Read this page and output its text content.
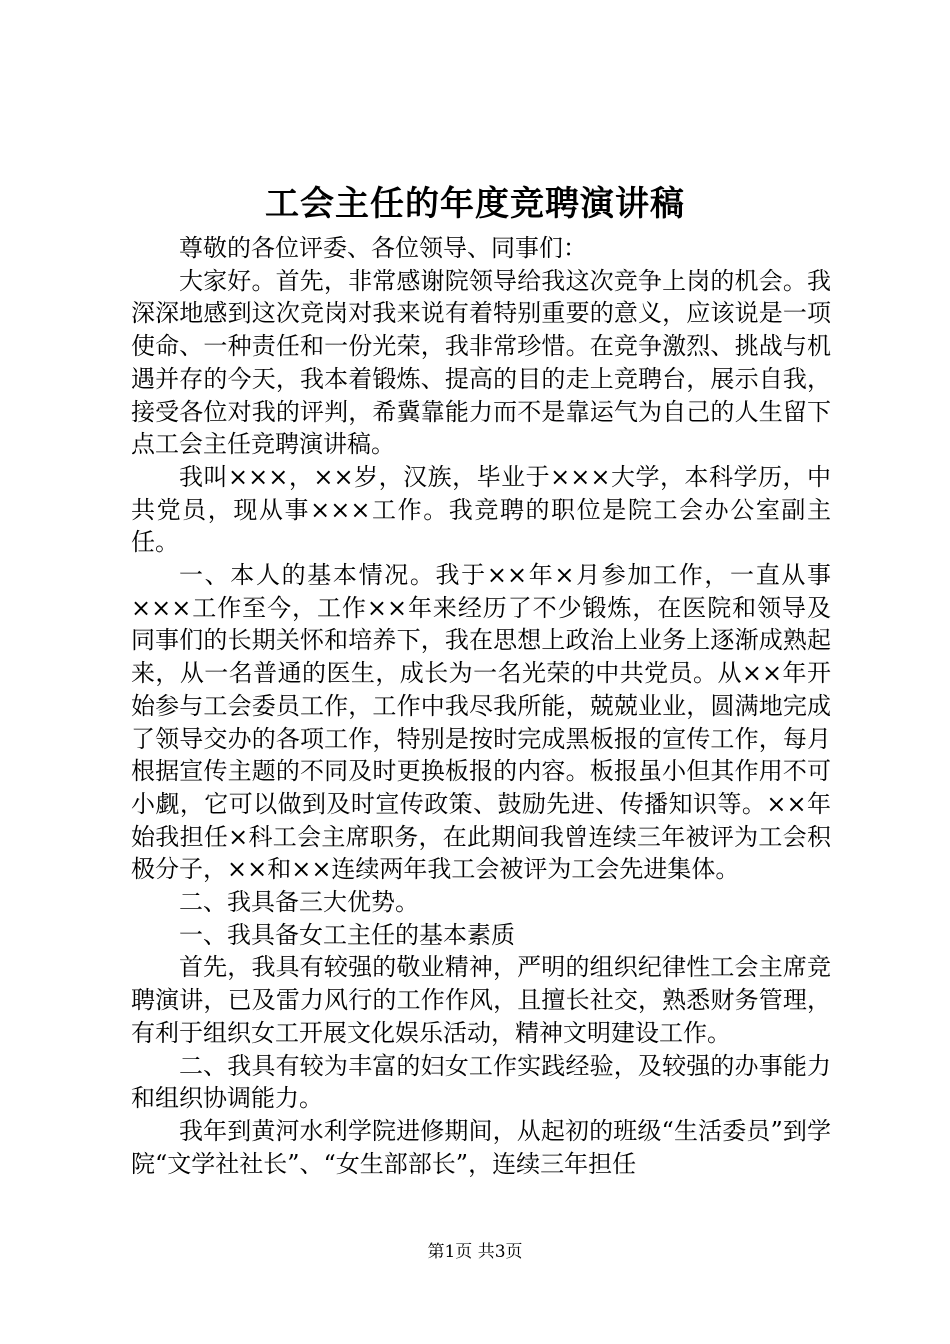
工会主任的年度竞聘演讲稿

尊敬的各位评委、各位领导、同事们：

大家好。首先，非常感谢院领导给我这次竞争上岗的机会。我深深地感到这次竞岗对我来说有着特别重要的意义，应该说是一项使命、一种责任和一份光荣，我非常珍惜。在竞争激烈、挑战与机遇并存的今天，我本着锻炼、提高的目的走上竞聘台，展示自我，接受各位对我的评判，希冀靠能力而不是靠运气为自己的人生留下点工会主任竞聘演讲稿。

我叫×××，××岁，汉族，毕业于×××大学，本科学历，中共党员，现从事×××工作。我竞聘的职位是院工会办公室副主任。

一、本人的基本情况。我于××年×月参加工作，一直从事×××工作至今，工作××年来经历了不少锻炼，在医院和领导及同事们的长期关怀和培养下，我在思想上政治上业务上逐渐成熟起来，从一名普通的医生，成长为一名光荣的中共党员。从××年开始参与工会委员工作，工作中我尽我所能，兢兢业业，圆满地完成了领导交办的各项工作，特别是按时完成黑板报的宣传工作，每月根据宣传主题的不同及时更换板报的内容。板报虽小但其作用不可小觑，它可以做到及时宣传政策、鼓励先进、传播知识等。××年始我担任×科工会主席职务，在此期间我曾连续三年被评为工会积极分子，××和××连续两年我工会被评为工会先进集体。

二、我具备三大优势。

一、我具备女工主任的基本素质

首先，我具有较强的敬业精神，严明的组织纪律性工会主席竞聘演讲，已及雷力风行的工作作风，且擅长社交，熟悉财务管理，有利于组织女工开展文化娱乐活动，精神文明建设工作。

二、我具有较为丰富的妇女工作实践经验，及较强的办事能力和组织协调能力。

我年到黄河水利学院进修期间，从起初的班级“生活委员”到学院“文学社社长”、“女生部部长”，连续三年担任

第1页 共3页
